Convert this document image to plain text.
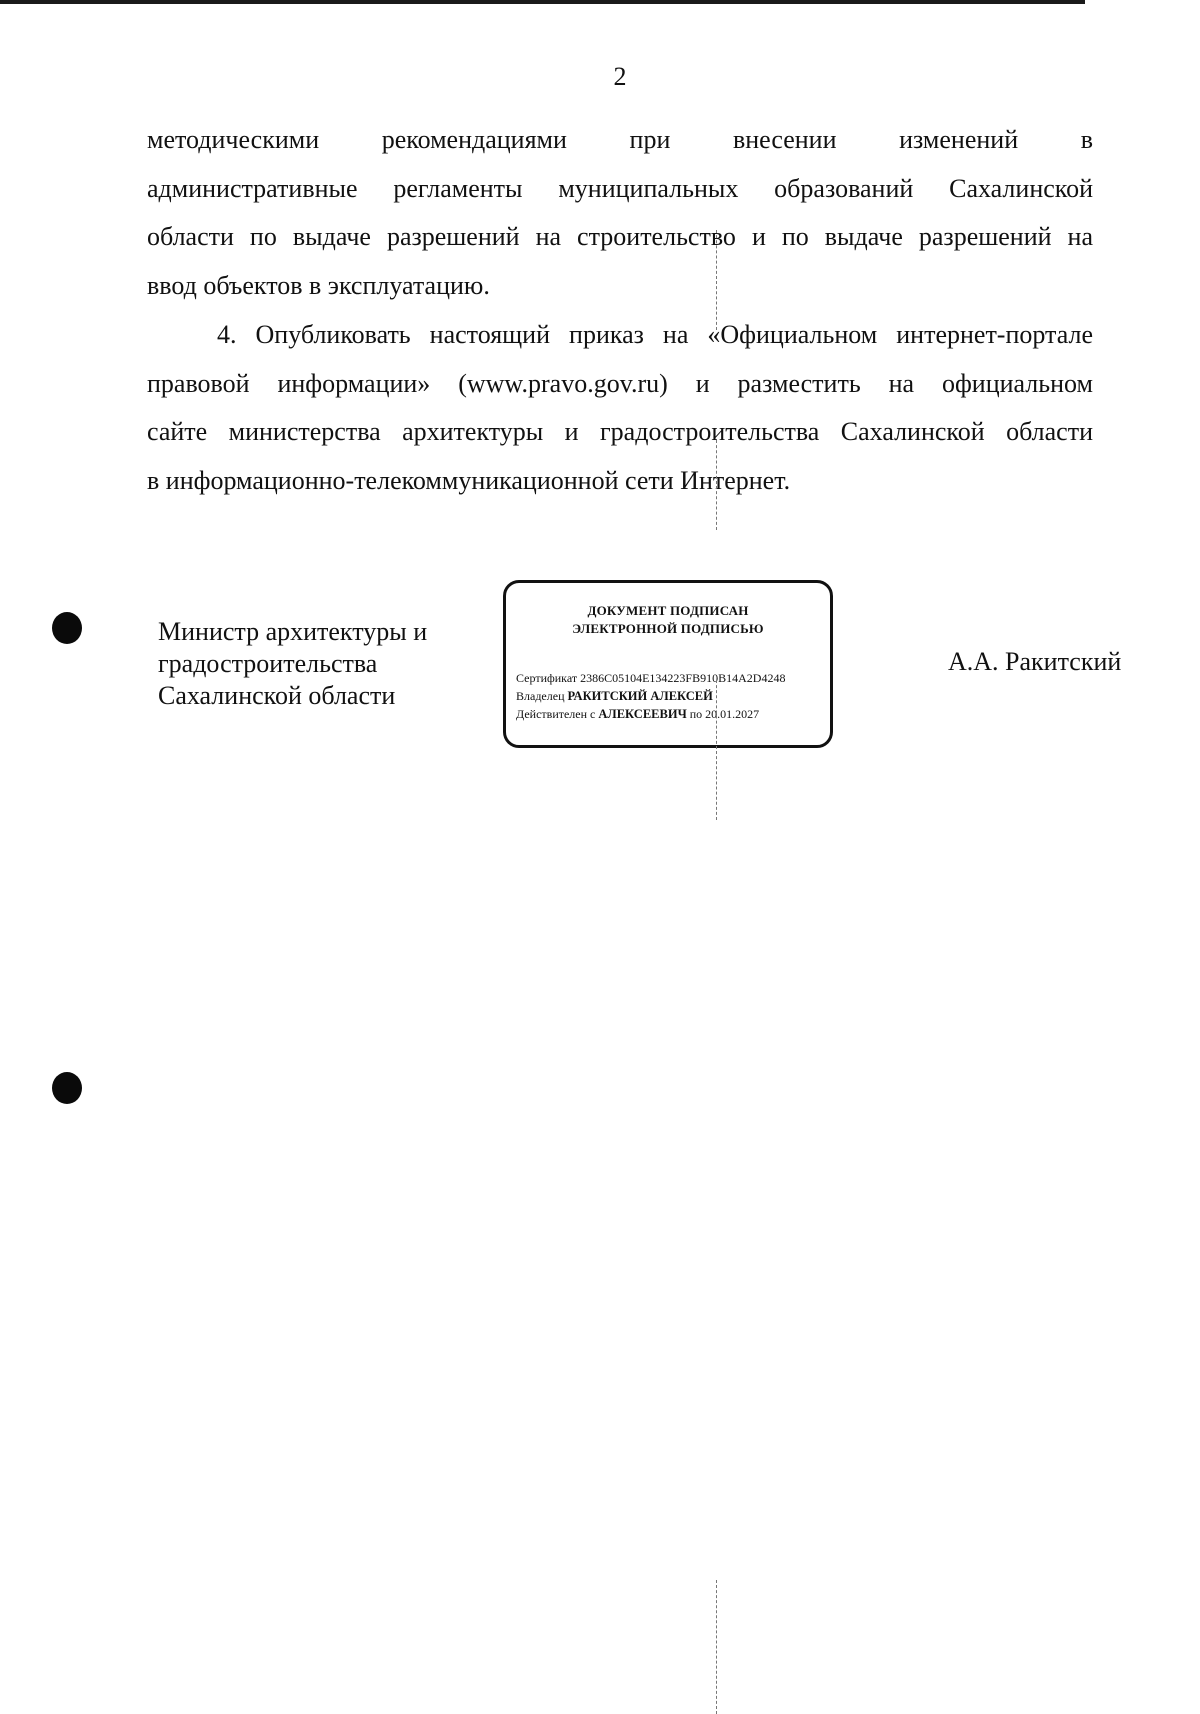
2
методическими рекомендациями при внесении изменений в
административные регламенты муниципальных образований Сахалинской
области по выдаче разрешений на строительство и по выдаче разрешений на
ввод объектов в эксплуатацию.
4. Опубликовать настоящий приказ на «Официальном интернет-портале
правовой информации» (www.pravo.gov.ru) и разместить на официальном
сайте министерства архитектуры и градостроительства Сахалинской области
в информационно-телекоммуникационной сети Интернет.
Министр архитектуры и
градостроительства
Сахалинской области
ДОКУМЕНТ ПОДПИСАН
ЭЛЕКТРОННОЙ ПОДПИСЬЮ
Сертификат 2386C05104E134223FB910B14A2D4248
Владелец РАКИТСКИЙ АЛЕКСЕЙ
Действителен с АЛЕКСЕЕВИЧ по 20.01.2027
А.А. Ракитский
